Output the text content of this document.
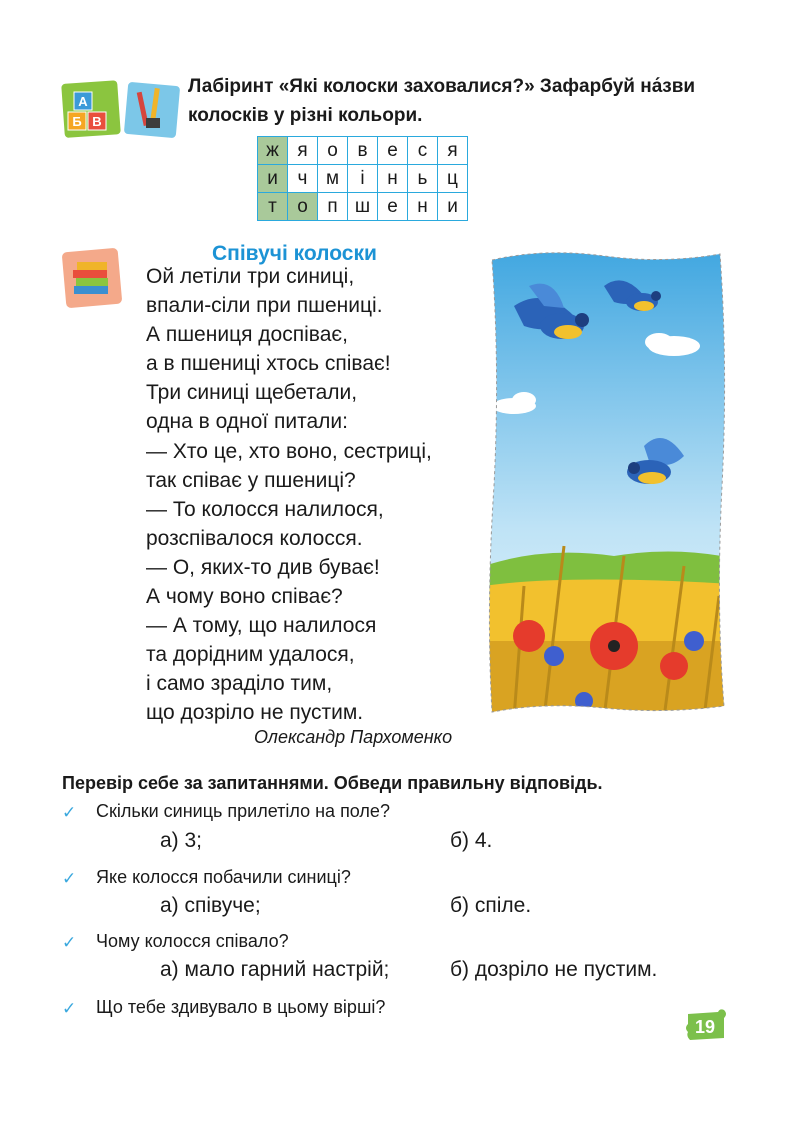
А
Б В
Лабіринт «Які колоски заховалися?» Зафарбуй на́зви колосків у різні кольори.
ж	я	о	в	е	с	я
и	ч	м	і	н	ь	ц
т	о	п	ш	е	н	и
Співучі колоски
Ой летіли три синиці,
впали-сіли при пшениці.
А пшениця доспіває,
а в пшениці хтось співає!
Три синиці щебетали,
одна в одної питали:
— Хто це, хто воно, сестриці,
так співає у пшениці?
— То колосся налилося,
розспівалося колосся.
— О, яких-то див буває!
А чому воно співає?
— А тому, що налилося
та дорідним удалося,
і само зраділо тим,
що дозріло не пустим.
Олександр Пархоменко
Перевір себе за запитаннями. Обведи правильну відповідь.
✓ Скільки синиць прилетіло на поле?
а) 3;	б) 4.
✓ Яке колосся побачили синиці?
а) співуче;	б) спіле.
✓ Чому колосся співало?
а) мало гарний настрій;	б) дозріло не пустим.
✓ Що тебе здивувало в цьому вірші?
19
